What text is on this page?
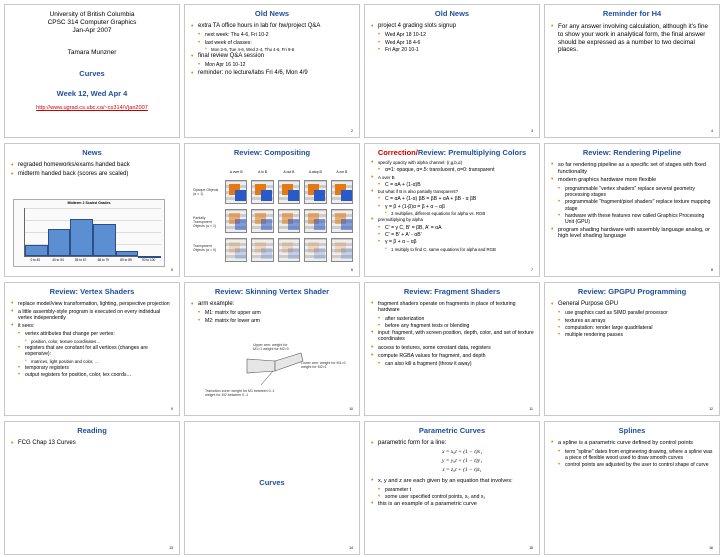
University of British Columbia
CPSC 314 Computer Graphics
Jan-Apr 2007
Tamara Munzner
Curves
Week 12, Wed Apr 4
http://www.ugrad.cs.ubc.ca/~cs314/Vjan2007
Old News
• extra TA office hours in lab for hw/project Q&A
• next week: Thu 4-6, Fri 10-2
• last week of classes:
• Mon 2-5, Tue 4-6, Wed 2-4, Thu 4-6, Fri 9-6
• final review Q&A session
• Mon Apr 16 10-12
• reminder: no lecture/labs Fri 4/6, Mon 4/9
2
Old News
• project 4 grading slots signup
• Wed Apr 18 10-12
• Wed Apr 18 4-6
• Fri Apr 20 10-1
3
Reminder for H4
• For any answer involving calculation, although it's fine to show your work in analytical form, the final answer should be expressed as a number to two decimal places.
4
News
• regraded homeworks/exams handed back
• midterm handed back (scores are scaled)
Midterm 2 Scaled Grades
0 to 40	40 to 54	55 to 67	68 to 79	80 to 89	90 to 100
5
Review: Compositing
A over B	A in B	A out B	A atop B	A xor B
Opaque Objects (α = 1)
Partially Transparent Objects (α < 1)
Transparent Objects (α = 0)
6
Correction/Review: Premultiplying Colors
• specify opacity with alpha channel: (r,g,b,α)
• α=1: opaque, α=.5: translucent, α=0: transparent
• A over B
• C = αA + (1-α)B
• but what if B is also partially transparent?
• C = αA + (1-α) βB = βB + αA + βB - α βB
• γ = β + (1-β)α = β + α – αβ
• 3 multiplies, different equations for alpha vs. RGB
• premultiplying by alpha
• C' = γ C, B' = βB, A' = αA
• C' = B' + A' - αB'
• γ = β + α – αβ
• 1 multiply to find C, same equations for alpha and RGB
7
Review: Rendering Pipeline
• so far rendering pipeline as a specific set of stages with fixed functionality
• modern graphics hardware more flexible
• programmable "vertex shaders" replace several geometry processing stages
• programmable "fragment/pixel shaders" replace texture mapping stage
• hardware with these features now called Graphics Processing Unit (GPU)
• program shading hardware with assembly language analog, or high level shading language
8
Review: Vertex Shaders
• replace model/view transformation, lighting, perspective projection
• a little assembly-style program is executed on every individual vertex independently
• it sees:
• vertex attributes that change per vertex:
• position, color, texture coordinates…
• registers that are constant for all vertices (changes are expensive):
• matrices, light position and color, …
• temporary registers
• output registers for position, color, tex coords…
9
Review: Skinning Vertex Shader
• arm example:
• M1: matrix for upper arm
• M2: matrix for lower arm
Upper arm: weight for M1=1 weight for M2=0
Lower arm: weight for M1=0 weight for M2=1
Transition zone: weight for M1 between 0..1 weight for M2 between 0..1
10
Review: Fragment Shaders
• fragment shaders operate on fragments in place of texturing hardware
• after rasterization
• before any fragment tests or blending
• input: fragment, with screen position, depth, color, and set of texture coordinates
• access to textures, some constant data, registers
• compute RGBA values for fragment, and depth
• can also kill a fragment (throw it away)
11
Review: GPGPU Programming
• General Purpose GPU
• use graphics card as SIMD parallel processor
• textures as arrays
• computation: render large quadrilateral
• multiple rendering passes
12
Reading
• FCG Chap 13 Curves
13
Curves
14
Parametric Curves
• parametric form for a line:
x = x₀t + (1 − t)x₁
y = y₀t + (1 − t)y₁
z = z₀t + (1 − t)z₁
• x, y and z are each given by an equation that involves:
• parameter t
• some user specified control points, x₀ and x₁
• this is an example of a parametric curve
15
Splines
• a spline is a parametric curve defined by control points
• term "spline" dates from engineering drawing, where a spline was a piece of flexible wood used to draw smooth curves
• control points are adjusted by the user to control shape of curve
16
